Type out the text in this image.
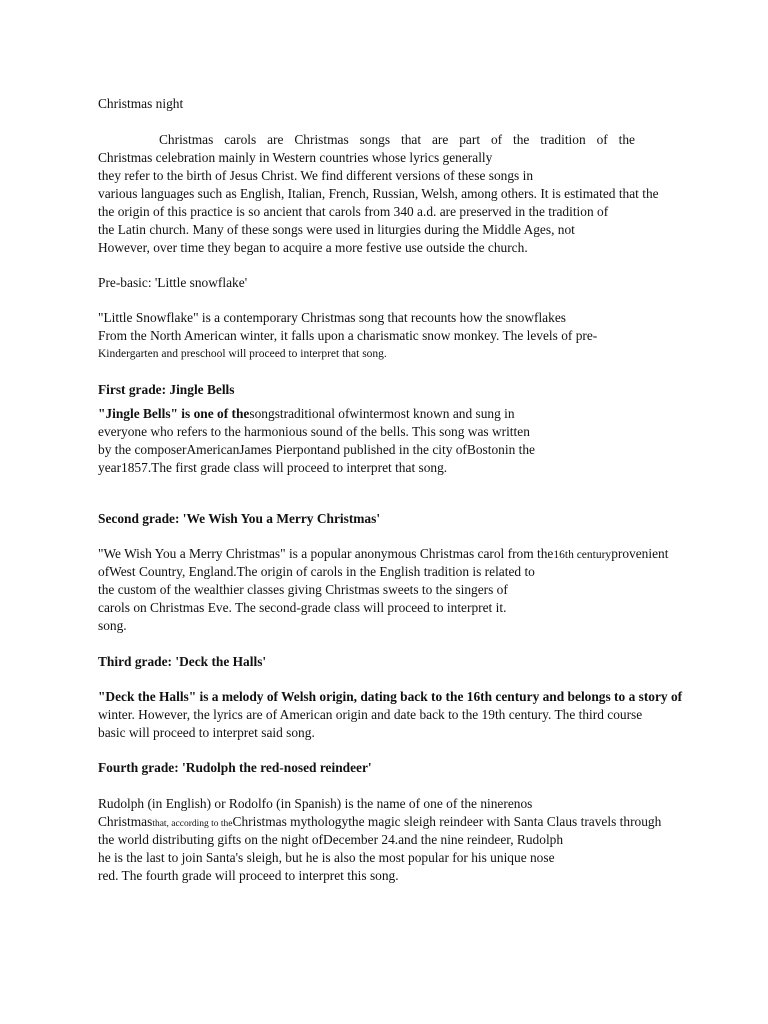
Christmas night
Christmas carols are Christmas songs that are part of the tradition of the
Christmas celebration mainly in Western countries whose lyrics generally
they refer to the birth of Jesus Christ. We find different versions of these songs in
various languages such as English, Italian, French, Russian, Welsh, among others. It is estimated that the
the origin of this practice is so ancient that carols from 340 a.d. are preserved in the tradition of
the Latin church. Many of these songs were used in liturgies during the Middle Ages, not
However, over time they began to acquire a more festive use outside the church.
Pre-basic: 'Little snowflake'
"Little Snowflake" is a contemporary Christmas song that recounts how the snowflakes
From the North American winter, it falls upon a charismatic snow monkey. The levels of pre-
Kindergarten and preschool will proceed to interpret that song.
First grade: Jingle Bells
"Jingle Bells" is one of thesongstraditional ofwintermost known and sung in
everyone who refers to the harmonious sound of the bells. This song was written
by the composerAmericanJames Pierpontand published in the city ofBostonin the
year1857.The first grade class will proceed to interpret that song.
Second grade: 'We Wish You a Merry Christmas'
"We Wish You a Merry Christmas" is a popular anonymous Christmas carol from the16th centuryprovenient
ofWest Country, England.The origin of carols in the English tradition is related to
the custom of the wealthier classes giving Christmas sweets to the singers of
carols on Christmas Eve. The second-grade class will proceed to interpret it.
song.
Third grade: 'Deck the Halls'
"Deck the Halls" is a melody of Welsh origin, dating back to the 16th century and belongs to a story of
winter. However, the lyrics are of American origin and date back to the 19th century. The third course
basic will proceed to interpret said song.
Fourth grade: 'Rudolph the red-nosed reindeer'
Rudolph (in English) or Rodolfo (in Spanish) is the name of one of the ninerenos
Christmasthat, according to theChristmas mythologythe magic sleigh reindeer with Santa Claus travels through
the world distributing gifts on the night ofDecember 24.and the nine reindeer, Rudolph
he is the last to join Santa's sleigh, but he is also the most popular for his unique nose
red. The fourth grade will proceed to interpret this song.
